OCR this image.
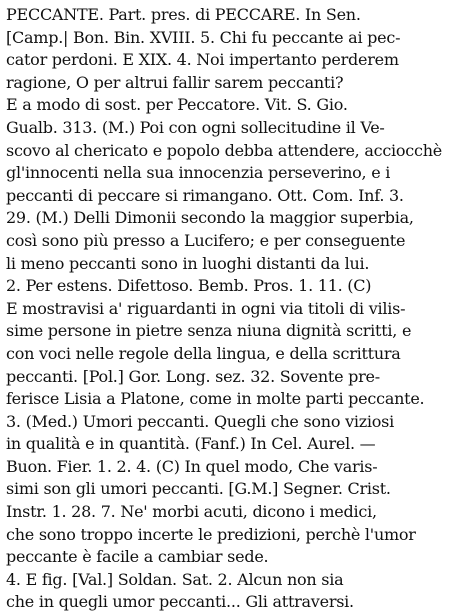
PECCANTE. Part. pres. di PECCARE. In Sen.
[Camp.| Bon. Bin. XVIII. 5. Chi fu peccante ai pec-
cator perdoni. E XIX. 4. Noi impertanto perderem
ragione, O per altrui fallir sarem peccanti?
E a modo di sost. per Peccatore. Vit. S. Gio.
Gualb. 313. (M.) Poi con ogni sollecitudine il Ve-
scovo al chericato e popolo debba attendere, acciocchè
gl'innocenti nella sua innocenzia perseverino, e i
peccanti di peccare si rimangano. Ott. Com. Inf. 3.
29. (M.) Delli Dimonii secondo la maggior superbia,
così sono più presso a Lucifero; e per conseguente
li meno peccanti sono in luoghi distanti da lui.
2. Per estens. Difettoso. Bemb. Pros. 1. 11. (C)
E mostravisi a' riguardanti in ogni via titoli di vilis-
sime persone in pietre senza niuna dignità scritti, e
con voci nelle regole della lingua, e della scrittura
peccanti. [Pol.] Gor. Long. sez. 32. Sovente pre-
ferisce Lisia a Platone, come in molte parti peccante.
3. (Med.) Umori peccanti. Quegli che sono viziosi
in qualità e in quantità. (Fanf.) In Cel. Aurel. —
Buon. Fier. 1. 2. 4. (C) In quel modo, Che varis-
simi son gli umori peccanti. [G.M.] Segner. Crist.
Instr. 1. 28. 7. Ne' morbi acuti, dicono i medici,
che sono troppo incerte le predizioni, perchè l'umor
peccante è facile a cambiar sede.
4. E fig. [Val.] Soldan. Sat. 2. Alcun non sia
che in quegli umor peccanti... Gli attraversi.
